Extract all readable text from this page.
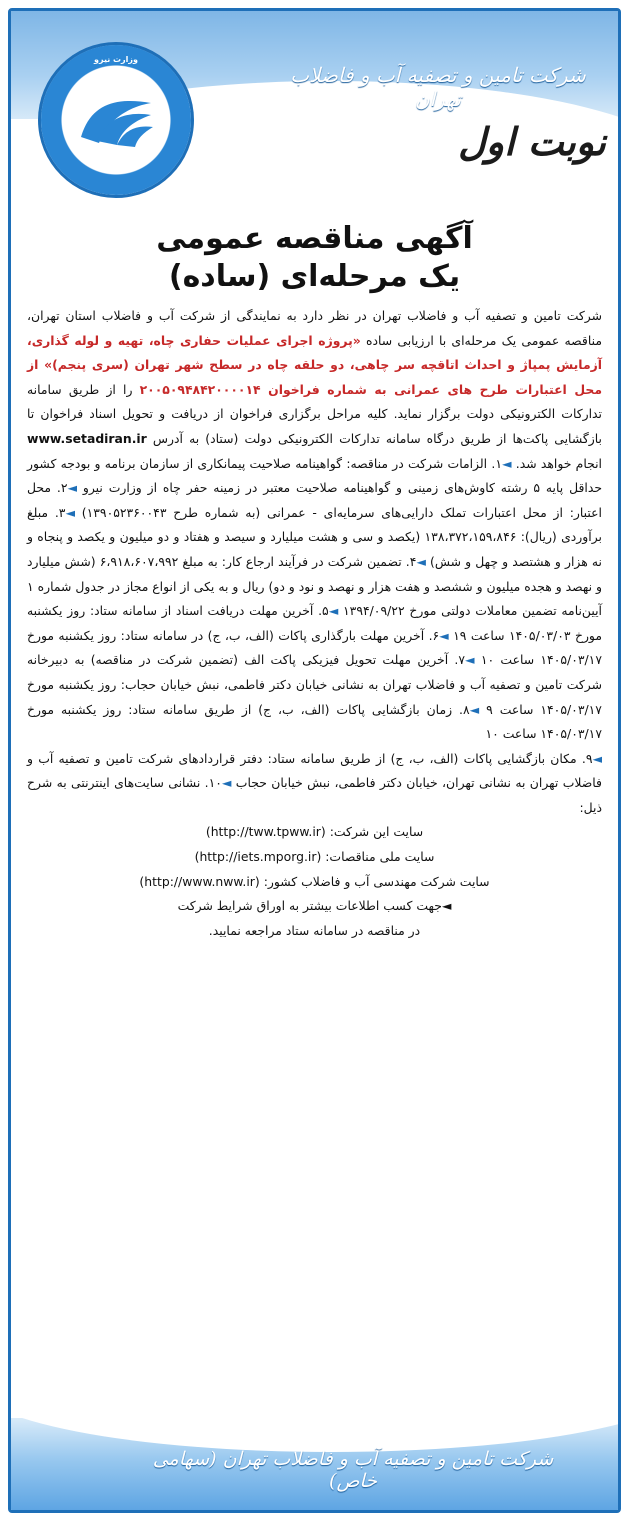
وزارت نیرو
شرکت تامین و تصفیه آب و فاضلاب تهران
نوبت اول
آگهی مناقصه عمومی
یک مرحله‌ای (ساده)
شرکت تامین و تصفیه آب و فاضلاب تهران در نظر دارد به نمایندگی از شرکت آب و فاضلاب استان تهران، مناقصه عمومی یک مرحله‌ای با ارزیابی ساده «پروژه اجرای عملیات حفاری چاه، تهیه و لوله گذاری، آزمایش پمپاژ و احداث اتاقچه سر چاهی، دو حلقه چاه در سطح شهر تهران (سری پنجم)» از محل اعتبارات طرح های عمرانی به شماره فراخوان ۲۰۰۵۰۹۴۸۴۲۰۰۰۰۱۴ را از طریق سامانه تدارکات الکترونیکی دولت برگزار نماید. کلیه مراحل برگزاری فراخوان از دریافت و تحویل اسناد فراخوان تا بازگشایی پاکت‌ها از طریق درگاه سامانه تدارکات الکترونیکی دولت (ستاد) به آدرس www.setadiran.ir انجام خواهد شد. ◄۱. الزامات شرکت در مناقصه: گواهینامه صلاحیت پیمانکاری از سازمان برنامه و بودجه کشور حداقل پایه ۵ رشته کاوش‌های زمینی و گواهینامه صلاحیت معتبر در زمینه حفر چاه از وزارت نیرو ◄۲. محل اعتبار: از محل اعتبارات تملک دارایی‌های سرمایه‌ای - عمرانی (به شماره طرح ۱۳۹۰۵۲۳۶۰۰۴۳) ◄۳. مبلغ برآوردی (ریال): ۱۳۸،۳۷۲،۱۵۹،۸۴۶ (یکصد و سی و هشت میلیارد و سیصد و هفتاد و دو میلیون و یکصد و پنجاه و نه هزار و هشتصد و چهل و شش) ◄۴. تضمین شرکت در فرآیند ارجاع کار: به مبلغ ۶،۹۱۸،۶۰۷،۹۹۲ (شش میلیارد و نهصد و هجده میلیون و ششصد و هفت هزار و نهصد و نود و دو) ریال و به یکی از انواع مجاز در جدول شماره ۱ آیین‌نامه تضمین معاملات دولتی مورخ ۱۳۹۴/۰۹/۲۲ ◄۵. آخرین مهلت دریافت اسناد از سامانه ستاد: روز یکشنبه مورخ ۱۴۰۵/۰۳/۰۳ ساعت ۱۹ ◄۶. آخرین مهلت بارگذاری پاکات (الف، ب، ج) در سامانه ستاد: روز یکشنبه مورخ ۱۴۰۵/۰۳/۱۷ ساعت ۱۰ ◄۷. آخرین مهلت تحویل فیزیکی پاکت الف (تضمین شرکت در مناقصه) به دبیرخانه شرکت تامین و تصفیه آب و فاضلاب تهران به نشانی خیابان دکتر فاطمی، نبش خیابان حجاب: روز یکشنبه مورخ ۱۴۰۵/۰۳/۱۷ ساعت ۹ ◄۸. زمان بازگشایی پاکات (الف، ب، ج) از طریق سامانه ستاد: روز یکشنبه مورخ ۱۴۰۵/۰۳/۱۷ ساعت ۱۰
◄۹. مکان بازگشایی پاکات (الف، ب، ج) از طریق سامانه ستاد: دفتر قراردادهای شرکت تامین و تصفیه آب و فاضلاب تهران به نشانی تهران، خیابان دکتر فاطمی، نبش خیابان حجاب ◄۱۰. نشانی سایت‌های اینترنتی به شرح ذیل:
سایت این شرکت: (http://tww.tpww.ir)
سایت ملی مناقصات: (http://iets.mporg.ir)
سایت شرکت مهندسی آب و فاضلاب کشور: (http://www.nww.ir)
◄جهت کسب اطلاعات بیشتر به اوراق شرایط شرکت
در مناقصه در سامانه ستاد مراجعه نمایید.
شرکت تامین و تصفیه آب و فاضلاب تهران (سهامی خاص)
